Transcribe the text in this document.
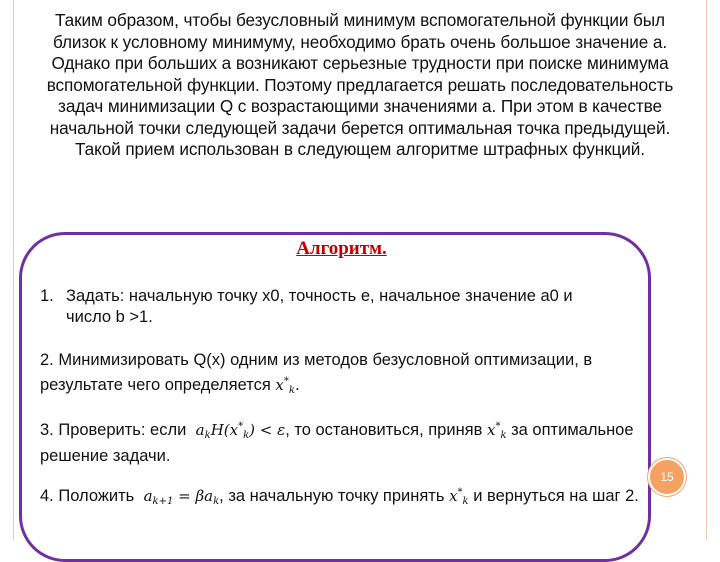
Таким образом, чтобы безусловный минимум вспомогательной функции был близок к условному минимуму, необходимо брать очень большое значение a. Однако при больших a возникают серьезные трудности при поиске минимума вспомогательной функции. Поэтому предлагается решать последовательность задач минимизации Q с возрастающими значениями a. При этом в качестве начальной точки следующей задачи берется оптимальная точка предыдущей. Такой прием использован в следующем алгоритме штрафных функций.
Алгоритм.
1. Задать: начальную точку x0, точность e, начальное значение a0 и
число b >1.
2. Минимизировать Q(x) одним из методов безусловной оптимизации, в результате чего определяется $x^*_k$.
3. Проверить: если  $a_kH(x^*_k) < \varepsilon$, то остановиться, приняв $x^*_k$ за оптимальное решение задачи.
4. Положить  $a_{k+1} = \beta a_k$, за начальную точку принять $x^*_k$ и вернуться на шаг 2.
15
